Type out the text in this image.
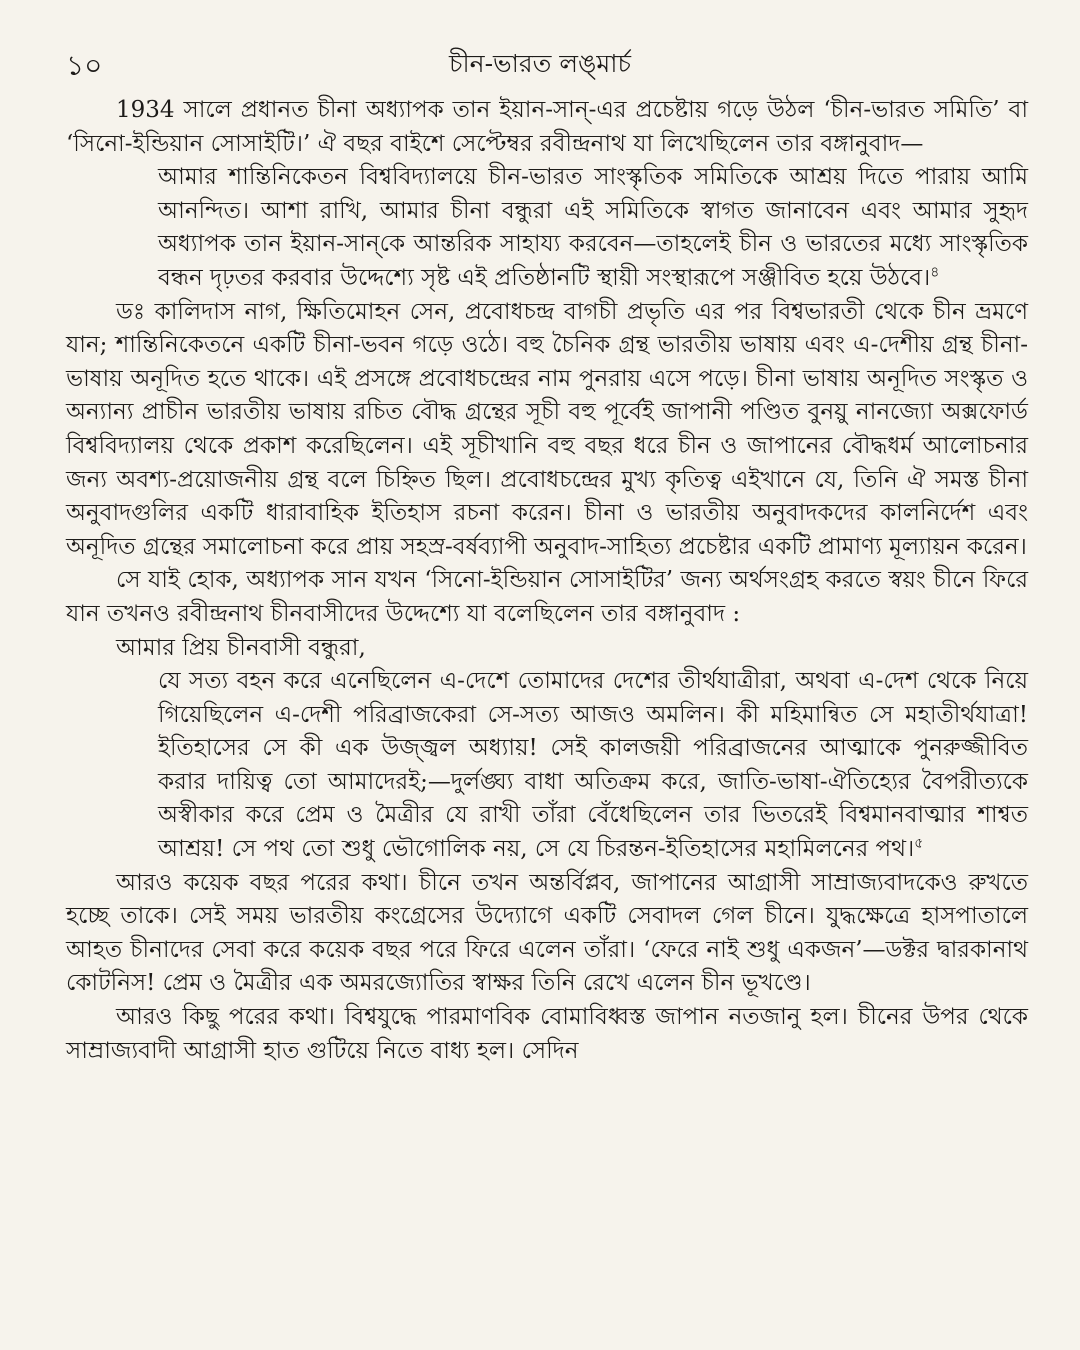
১০	চীন-ভারত লঙ্‌মার্চ

1934 সালে প্রধানত চীনা অধ্যাপক তান ইয়ান-সান্-এর প্রচেষ্টায় গড়ে উঠল ‘চীন-ভারত সমিতি’ বা ‘সিনো-ইন্ডিয়ান সোসাইটি।’ ঐ বছর বাইশে সেপ্টেম্বর রবীন্দ্রনাথ যা লিখেছিলেন তার বঙ্গানুবাদ—

আমার শান্তিনিকেতন বিশ্ববিদ্যালয়ে চীন-ভারত সাংস্কৃতিক সমিতিকে আশ্রয় দিতে পারায় আমি আনন্দিত। আশা রাখি, আমার চীনা বন্ধুরা এই সমিতিকে স্বাগত জানাবেন এবং আমার সুহৃদ অধ্যাপক তান ইয়ান-সান্‌কে আন্তরিক সাহায্য করবেন—তাহলেই চীন ও ভারতের মধ্যে সাংস্কৃতিক বন্ধন দৃঢ়তর করবার উদ্দেশ্যে সৃষ্ট এই প্রতিষ্ঠানটি স্থায়ী সংস্থারূপে সঞ্জীবিত হয়ে উঠবে।$^৪$

ডঃ কালিদাস নাগ, ক্ষিতিমোহন সেন, প্রবোধচন্দ্র বাগচী প্রভৃতি এর পর বিশ্বভারতী থেকে চীন ভ্রমণে যান; শান্তিনিকেতনে একটি চীনা-ভবন গড়ে ওঠে। বহু চৈনিক গ্রন্থ ভারতীয় ভাষায় এবং এ-দেশীয় গ্রন্থ চীনা-ভাষায় অনূদিত হতে থাকে। এই প্রসঙ্গে প্রবোধচন্দ্রের নাম পুনরায় এসে পড়ে। চীনা ভাষায় অনূদিত সংস্কৃত ও অন্যান্য প্রাচীন ভারতীয় ভাষায় রচিত বৌদ্ধ গ্রন্থের সূচী বহু পূর্বেই জাপানী পণ্ডিত বুনয়ু নানজ্যো অক্সফোর্ড বিশ্ববিদ্যালয় থেকে প্রকাশ করেছিলেন। এই সূচীখানি বহু বছর ধরে চীন ও জাপানের বৌদ্ধধর্ম আলোচনার জন্য অবশ্য-প্রয়োজনীয় গ্রন্থ বলে চিহ্নিত ছিল। প্রবোধচন্দ্রের মুখ্য কৃতিত্ব এইখানে যে, তিনি ঐ সমস্ত চীনা অনুবাদগুলির একটি ধারাবাহিক ইতিহাস রচনা করেন। চীনা ও ভারতীয় অনুবাদকদের কালনির্দেশ এবং অনূদিত গ্রন্থের সমালোচনা করে প্রায় সহস্র-বর্ষব্যাপী অনুবাদ-সাহিত্য প্রচেষ্টার একটি প্রামাণ্য মূল্যায়ন করেন।

সে যাই হোক, অধ্যাপক সান যখন ‘সিনো-ইন্ডিয়ান সোসাইটির’ জন্য অর্থসংগ্রহ করতে স্বয়ং চীনে ফিরে যান তখনও রবীন্দ্রনাথ চীনবাসীদের উদ্দেশ্যে যা বলেছিলেন তার বঙ্গানুবাদ :

আমার প্রিয় চীনবাসী বন্ধুরা,

যে সত্য বহন করে এনেছিলেন এ-দেশে তোমাদের দেশের তীর্থযাত্রীরা, অথবা এ-দেশ থেকে নিয়ে গিয়েছিলেন এ-দেশী পরিব্রাজকেরা সে-সত্য আজও অমলিন। কী মহিমান্বিত সে মহাতীর্থযাত্রা! ইতিহাসের সে কী এক উজ্জ্বল অধ্যায়! সেই কালজয়ী পরিব্রাজনের আত্মাকে পুনরুজ্জীবিত করার দায়িত্ব তো আমাদেরই;—দুর্লঙ্ঘ্য বাধা অতিক্রম করে, জাতি-ভাষা-ঐতিহ্যের বৈপরীত্যকে অস্বীকার করে প্রেম ও মৈত্রীর যে রাখী তাঁরা বেঁধেছিলেন তার ভিতরেই বিশ্বমানবাত্মার শাশ্বত আশ্রয়! সে পথ তো শুধু ভৌগোলিক নয়, সে যে চিরন্তন-ইতিহাসের মহামিলনের পথ।$^৫$

আরও কয়েক বছর পরের কথা। চীনে তখন অন্তর্বিপ্লব, জাপানের আগ্রাসী সাম্রাজ্যবাদকেও রুখতে হচ্ছে তাকে। সেই সময় ভারতীয় কংগ্রেসের উদ্যোগে একটি সেবাদল গেল চীনে। যুদ্ধক্ষেত্রে হাসপাতালে আহত চীনাদের সেবা করে কয়েক বছর পরে ফিরে এলেন তাঁরা। ‘ফেরে নাই শুধু একজন’—ডক্টর দ্বারকানাথ কোটনিস! প্রেম ও মৈত্রীর এক অমরজ্যোতির স্বাক্ষর তিনি রেখে এলেন চীন ভূখণ্ডে।

আরও কিছু পরের কথা। বিশ্বযুদ্ধে পারমাণবিক বোমাবিধ্বস্ত জাপান নতজানু হল। চীনের উপর থেকে সাম্রাজ্যবাদী আগ্রাসী হাত গুটিয়ে নিতে বাধ্য হল। সেদিন
